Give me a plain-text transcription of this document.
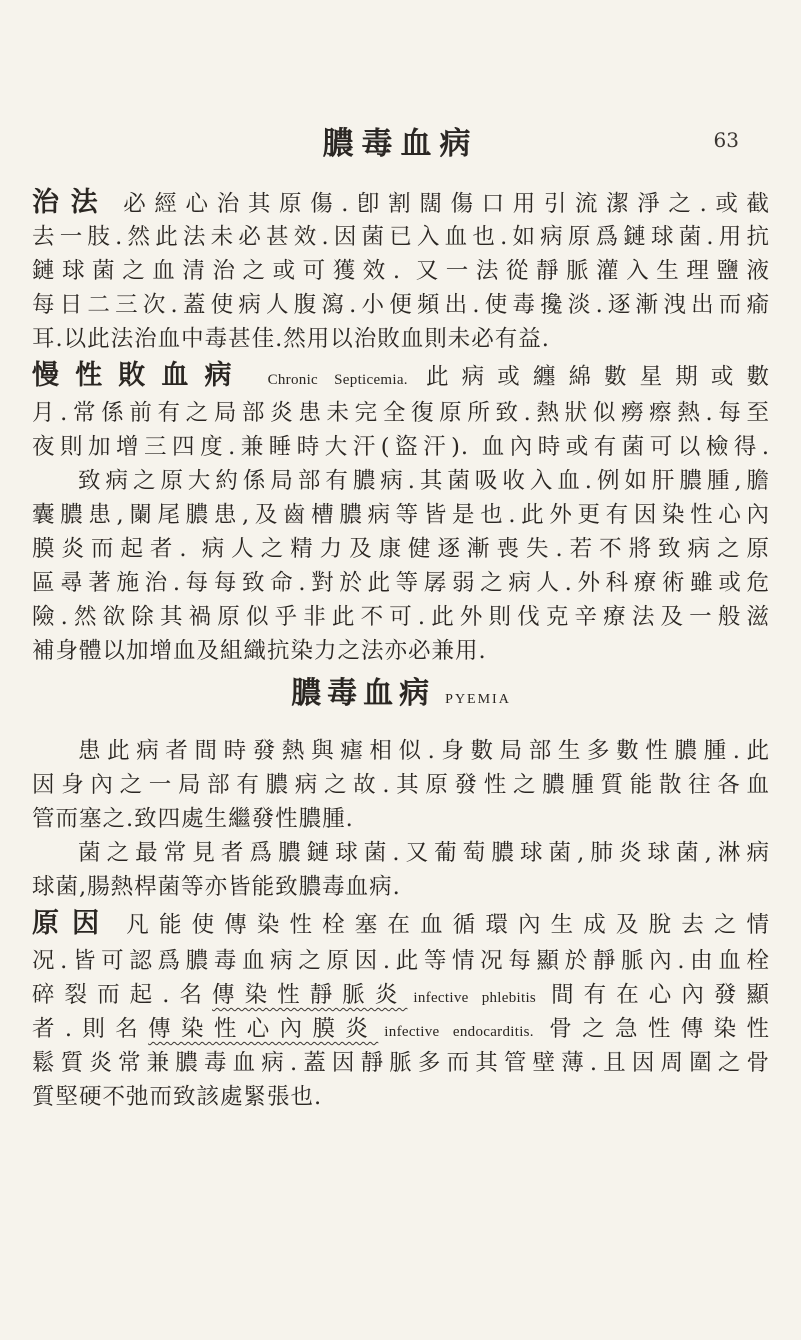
膿毒血病	63
治法 必經心治其原傷.卽割闊傷口用引流潔淨之.或截
去一肢.然此法未必甚效.因菌已入血也.如病原爲鏈球菌.用抗
鏈球菌之血清治之或可獲效. 又一法從靜脈灌入生理鹽液
每日二三次.蓋使病人腹瀉.小便頻出.使毒攙淡.逐漸洩出而瘉
耳.以此法治血中毒甚佳.然用以治敗血則未必有益.
慢性敗血病 Chronic Septicemia. 此病或纏綿數星期或數
月.常係前有之局部炎患未完全復原所致.熱狀似癆瘵熱.每至
夜則加增三四度.兼睡時大汗(盜汗). 血內時或有菌可以檢得.
致病之原大約係局部有膿病.其菌吸收入血.例如肝膿腫,膽
囊膿患,闌尾膿患,及齒槽膿病等皆是也.此外更有因染性心內
膜炎而起者. 病人之精力及康健逐漸喪失.若不將致病之原
區尋著施治.每每致命.對於此等孱弱之病人.外科療術雖或危
險.然欲除其禍原似乎非此不可.此外則伐克辛療法及一般滋
補身體以加增血及組織抗染力之法亦必兼用.
膿毒血病 PYEMIA
患此病者間時發熱與瘧相似.身數局部生多數性膿腫.此
因身內之一局部有膿病之故.其原發性之膿腫質能散往各血
管而塞之.致四處生繼發性膿腫.
菌之最常見者爲膿鏈球菌.又葡萄膿球菌,肺炎球菌,淋病
球菌,腸熱桿菌等亦皆能致膿毒血病.
原因 凡能使傳染性栓塞在血循環內生成及脫去之情
况.皆可認爲膿毒血病之原因.此等情况每顯於靜脈內.由血栓
碎裂而起.名傳染性靜脈炎 infective phlebitis 間有在心內發顯
者.則名傳染性心內膜炎 infective endocarditis. 骨之急性傳染性
鬆質炎常兼膿毒血病.蓋因靜脈多而其管壁薄.且因周圍之骨
質堅硬不弛而致該處緊張也.
